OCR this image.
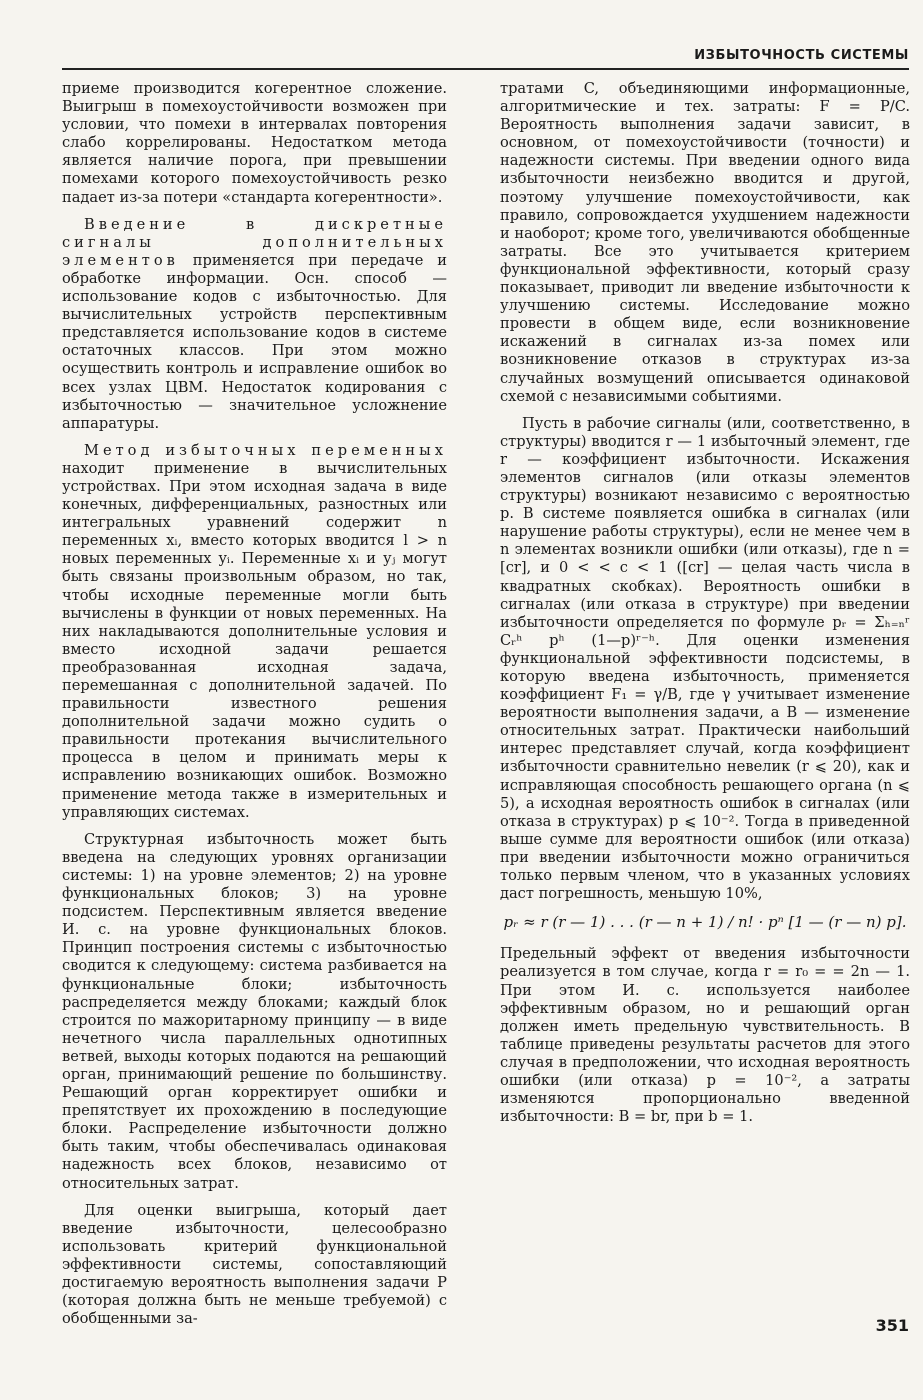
ИЗБЫТОЧНОСТЬ СИСТЕМЫ

приеме производится когерентное сложение. Выигрыш в помехоустойчивости возможен при условии, что помехи в интервалах повторения слабо коррелированы. Недостатком метода является наличие порога, при превышении помехами которого помехоустойчивость резко падает из-за потери «стандарта когерентности».

Введение в дискретные сигналы дополнительных элементов применяется при передаче и обработке информации. Осн. способ — использование кодов с избыточностью. Для вычислительных устройств перспективным представляется использование кодов в системе остаточных классов. При этом можно осуществить контроль и исправление ошибок во всех узлах ЦВМ. Недостаток кодирования с избыточностью — значительное усложнение аппаратуры.

Метод избыточных переменных находит применение в вычислительных устройствах. При этом исходная задача в виде конечных, дифференциальных, разностных или интегральных уравнений содержит n переменных xᵢ, вместо которых вводится l > n новых переменных yᵢ. Переменные xᵢ и yⱼ могут быть связаны произвольным образом, но так, чтобы исходные переменные могли быть вычислены в функции от новых переменных. На них накладываются дополнительные условия и вместо исходной задачи решается преобразованная исходная задача, перемешанная с дополнительной задачей. По правильности известного решения дополнительной задачи можно судить о правильности протекания вычислительного процесса в целом и принимать меры к исправлению возникающих ошибок. Возможно применение метода также в измерительных и управляющих системах.

Структурная избыточность может быть введена на следующих уровнях организации системы: 1) на уровне элементов; 2) на уровне функциональных блоков; 3) на уровне подсистем. Перспективным является введение И. с. на уровне функциональных блоков. Принцип построения системы с избыточностью сводится к следующему: система разбивается на функциональные блоки; избыточность распределяется между блоками; каждый блок строится по мажоритарному принципу — в виде нечетного числа параллельных однотипных ветвей, выходы которых подаются на решающий орган, принимающий решение по большинству. Решающий орган корректирует ошибки и препятствует их прохождению в последующие блоки. Распределение избыточности должно быть таким, чтобы обеспечивалась одинаковая надежность всех блоков, независимо от относительных затрат.

Для оценки выигрыша, который дает введение избыточности, целесообразно использовать критерий функциональной эффективности системы, сопоставляющий достигаемую вероятность выполнения задачи P (которая должна быть не меньше требуемой) с обобщенными за-

тратами C, объединяющими информационные, алгоритмические и тех. затраты: F = P/C. Вероятность выполнения задачи зависит, в основном, от помехоустойчивости (точности) и надежности системы. При введении одного вида избыточности неизбежно вводится и другой, поэтому улучшение помехоустойчивости, как правило, сопровождается ухудшением надежности и наоборот; кроме того, увеличиваются обобщенные затраты. Все это учитывается критерием функциональной эффективности, который сразу показывает, приводит ли введение избыточности к улучшению системы. Исследование можно провести в общем виде, если возникновение искажений в сигналах из-за помех или возникновение отказов в структурах из-за случайных возмущений описывается одинаковой схемой с независимыми событиями.

Пусть в рабочие сигналы (или, соответственно, в структуры) вводится r — 1 избыточный элемент, где r — коэффициент избыточности. Искажения элементов сигналов (или отказы элементов структуры) возникают независимо с вероятностью p. В системе появляется ошибка в сигналах (или нарушение работы структуры), если не менее чем в n элементах возникли ошибки (или отказы), где n = [cr], и 0 < < c < 1 ([cr] — целая часть числа в квадратных скобках). Вероятность ошибки в сигналах (или отказа в структуре) при введении избыточности определяется по формуле pᵣ = Σₕ₌ₙʳ Cᵣʰ pʰ (1—p)ʳ⁻ʰ. Для оценки изменения функциональной эффективности подсистемы, в которую введена избыточность, применяется коэффициент F₁ = γ/B, где γ учитывает изменение вероятности выполнения задачи, а B — изменение относительных затрат. Практически наибольший интерес представляет случай, когда коэффициент избыточности сравнительно невелик (r ⩽ 20), как и исправляющая способность решающего органа (n ⩽ 5), а исходная вероятность ошибок в сигналах (или отказа в структурах) p ⩽ 10⁻². Тогда в приведенной выше сумме для вероятности ошибок (или отказа) при введении избыточности можно ограничиться только первым членом, что в указанных условиях даст погрешность, меньшую 10%,

pᵣ ≈ r (r — 1) . . . (r — n + 1) / n! · pⁿ [1 — (r — n) p].

Предельный эффект от введения избыточности реализуется в том случае, когда r = r₀ = = 2n — 1. При этом И. с. используется наиболее эффективным образом, но и решающий орган должен иметь предельную чувствительность. В таблице приведены результаты расчетов для этого случая в предположении, что исходная вероятность ошибки (или отказа) p = 10⁻², а затраты изменяются пропорционально введенной избыточности: B = br, при b = 1.

351
